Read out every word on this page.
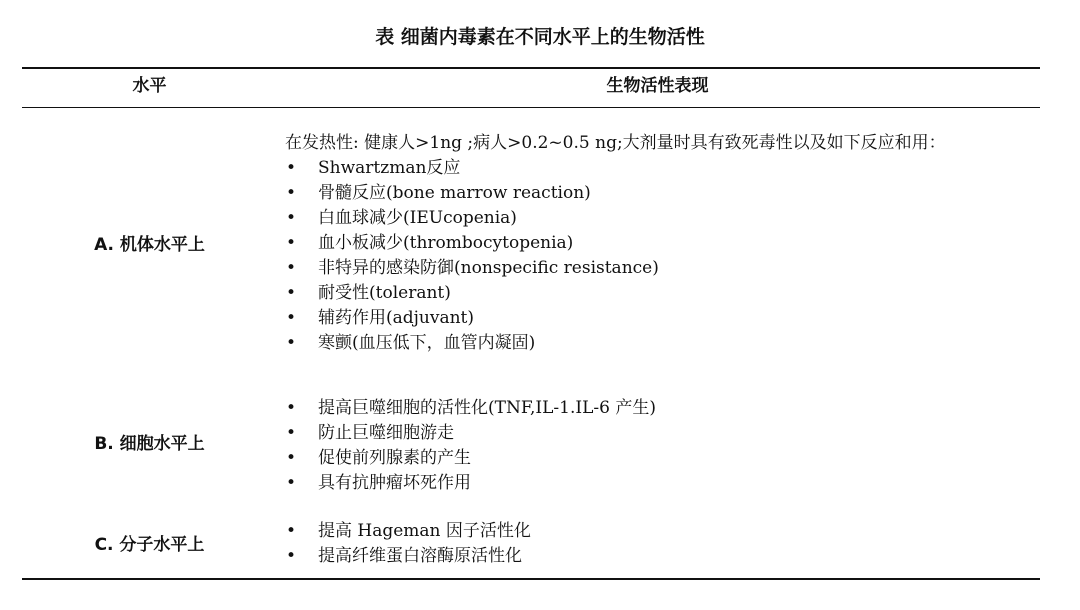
表 细菌内毒素在不同水平上的生物活性
水平	生物活性表现
A. 机体水平上
在发热性: 健康人>1ng ;病人>0.2~0.5 ng;大剂量时具有致死毒性以及如下反应和用：
• Shwartzman反应
• 骨髓反应(bone marrow reaction)
• 白血球减少(IEUcopenia)
• 血小板减少(thrombocytopenia)
• 非特异的感染防御(nonspecific resistance)
• 耐受性(tolerant)
• 辅药作用(adjuvant)
• 寒颤(血压低下，血管内凝固)
B. 细胞水平上
• 提高巨噬细胞的活性化(TNF,IL-1.IL-6 产生)
• 防止巨噬细胞游走
• 促使前列腺素的产生
• 具有抗肿瘤坏死作用
C. 分子水平上
• 提高 Hageman 因子活性化
• 提高纤维蛋白溶酶原活性化
